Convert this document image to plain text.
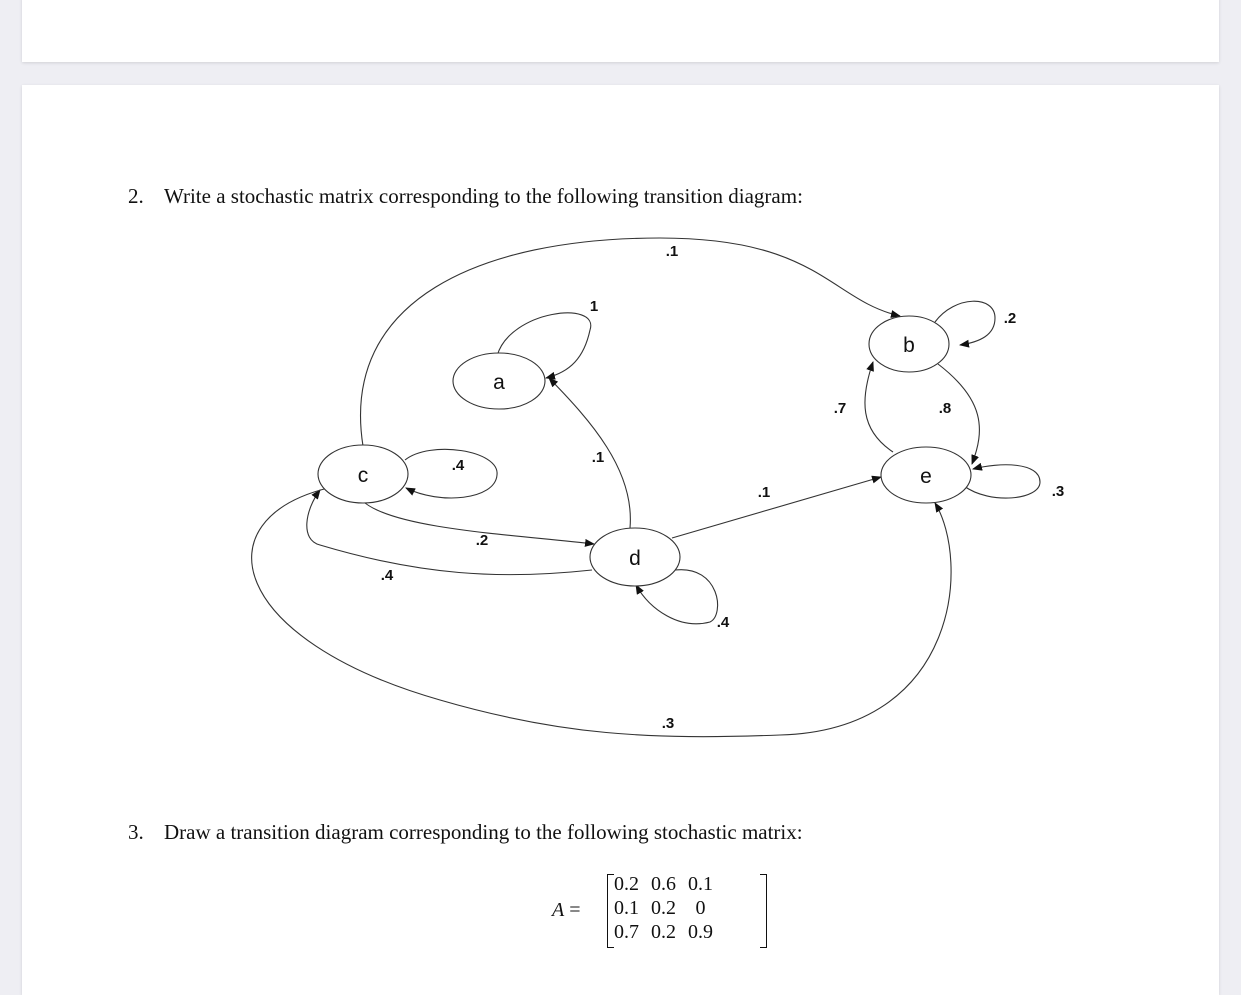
2. Write a stochastic matrix corresponding to the following transition diagram:
a
b
c
d
e
.1
1
.2
.7	.8
.1
.4
.1	.3
.2
.4
.4
.3
3. Draw a transition diagram corresponding to the following stochastic matrix:
A =
0.2	0.6	0.1
0.1	0.2	0
0.7	0.2	0.9
